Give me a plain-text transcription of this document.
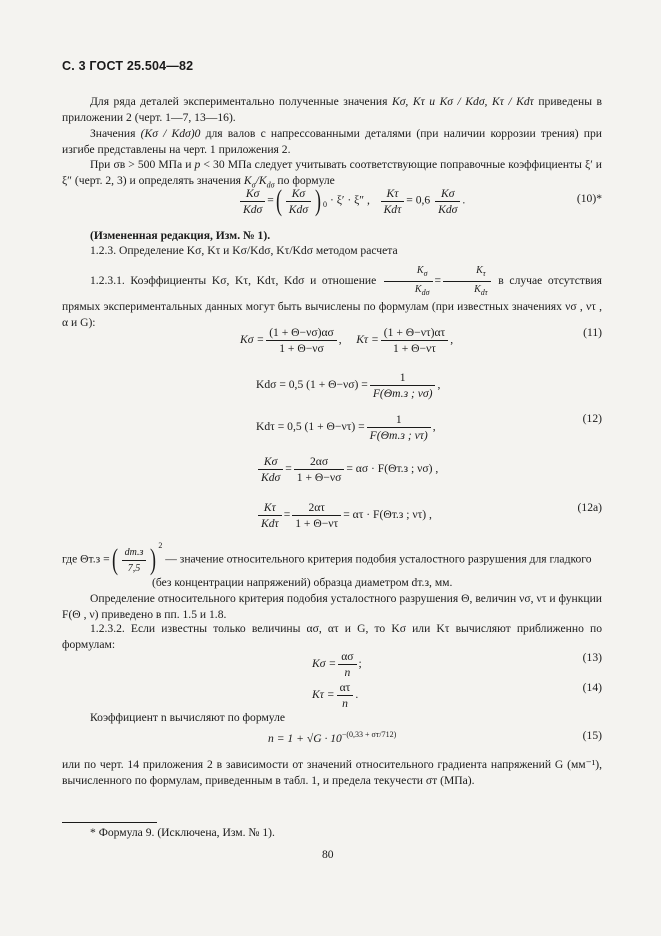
С. 3 ГОСТ 25.504—82
Для ряда деталей экспериментально полученные значения Kσ, Kτ и Kσ / Kdσ, Kτ / Kdτ приведены в приложении 2 (черт. 1—7, 13—16).
Значения (Kσ / Kdσ)0 для валов с напрессованными деталями (при наличии коррозии трения) при изгибе представлены на черт. 1 приложения 2.
При σв > 500 МПа и p < 30 МПа следует учитывать соответствующие поправочные коэффициенты ξ′ и ξ″ (черт. 2, 3) и определять значения $K_\sigma/K_{d\sigma}$ по формуле
$\frac{K\sigma}{\text{Kdσ}}$ =( $\frac{K\sigma}{\text{Kdσ}}$ ) $_0$ · ξ′ · ξ″ , $\frac{K\tau}{\text{Kdτ}} = 0,6 \frac{K\sigma}{\text{Kdσ}}$ .	(10)*
(Измененная редакция, Изм. № 1).
1.2.3. Определение Kσ, Kτ и Kσ/Kdσ, Kτ/Kdσ методом расчета
1.2.3.1. Коэффициенты Kσ, Kτ, Kdτ, Kdσ и отношение $\frac{K_\sigma}{K_{d\sigma}} = \frac{K_\tau}{K_{d\tau}}$ в случае отсутствия прямых экспериментальных данных могут быть вычислены по формулам (при известных значениях νσ , ντ , α и G):
$K\sigma = \frac{(1 + \Theta-\nu\sigma)\alpha\sigma}{1 + \Theta-\nu\sigma}$ , $K\tau = \frac{(1 + \Theta-\nu\tau)\alpha\tau}{1 + \Theta-\nu\tau}$ ,
(11)
Kdσ = 0,5 $(1 + \Theta-\nu\sigma) = \frac{1}{F(\Theta т.з ; \nu\sigma)}$ ,
Kdτ = 0,5 $(1 + \Theta-\nu\tau) = \frac{1}{F(\Theta т.з ; \nu\tau)}$ ,
(12)
$\frac{K\sigma}{\text{Kdσ}} = \frac{2\alpha\sigma}{1 + \Theta-\nu\sigma} = \alpha\sigma \cdot F(\Theta т.з$ ; νσ) ,
$\frac{K\tau}{\text{Kdτ}} = \frac{2\alpha\tau}{1 + \Theta-\nu\tau} = \alpha\tau \cdot F(\Theta т.з$ ; ντ) ,
(12a)
где Θт.з =( $\frac{dт.з}{7,5}$ ) $^2$ — значение относительного критерия подобия усталостного разрушения для гладкого
(без концентрации напряжений) образца диаметром dт.з, мм.
Определение относительного критерия подобия усталостного разрушения Θ, величин νσ, ντ и функции F(Θ , ν) приведено в пп. 1.5 и 1.8.
1.2.3.2. Если известны только величины ασ, ατ и G, то Kσ или Kτ вычисляют приближенно по формулам:
$K\sigma = \frac{\alpha\sigma}{n}$ ;	(13)
$K\tau = \frac{\alpha\tau}{n}$ .
(14)
Коэффициент n вычисляют по формуле
$n = 1 + √G \cdot 10^{-(0,33 + \sigma т/712)}$	(15)
или по черт. 14 приложения 2 в зависимости от значений относительного градиента напряжений G (мм⁻¹), вычисленного по формулам, приведенным в табл. 1, и предела текучести σт (МПа).
* Формула 9. (Исключена, Изм. № 1).
80
